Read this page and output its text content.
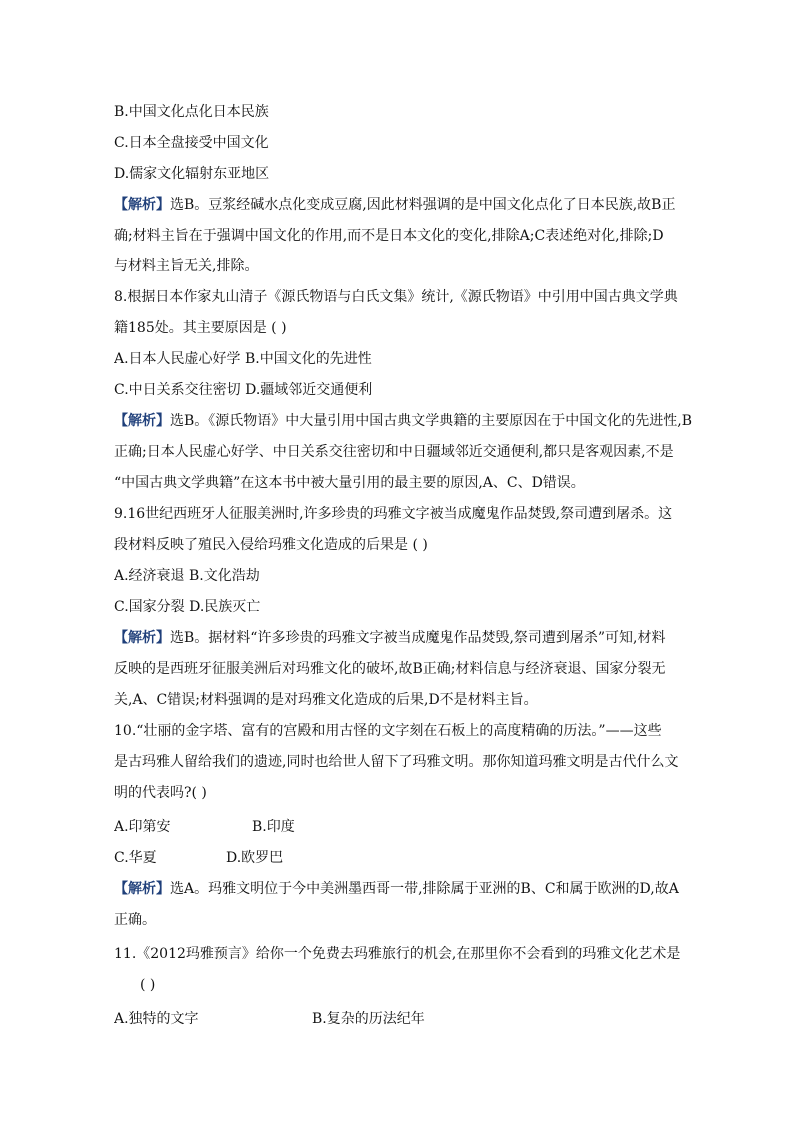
B.中国文化点化日本民族
C.日本全盘接受中国文化
D.儒家文化辐射东亚地区
【解析】选B。豆浆经碱水点化变成豆腐,因此材料强调的是中国文化点化了日本民族,故B正
确;材料主旨在于强调中国文化的作用,而不是日本文化的变化,排除A;C表述绝对化,排除;D
与材料主旨无关,排除。
8.根据日本作家丸山清子《源氏物语与白氏文集》统计,《源氏物语》中引用中国古典文学典
籍185处。其主要原因是 ( )
A.日本人民虚心好学 B.中国文化的先进性
C.中日关系交往密切 D.疆域邻近交通便利
【解析】选B。《源氏物语》中大量引用中国古典文学典籍的主要原因在于中国文化的先进性,B
正确;日本人民虚心好学、中日关系交往密切和中日疆域邻近交通便利,都只是客观因素,不是
“中国古典文学典籍”在这本书中被大量引用的最主要的原因,A、C、D错误。
9.16世纪西班牙人征服美洲时,许多珍贵的玛雅文字被当成魔鬼作品焚毁,祭司遭到屠杀。这
段材料反映了殖民入侵给玛雅文化造成的后果是 ( )
A.经济衰退 B.文化浩劫
C.国家分裂 D.民族灭亡
【解析】选B。据材料“许多珍贵的玛雅文字被当成魔鬼作品焚毁,祭司遭到屠杀”可知,材料
反映的是西班牙征服美洲后对玛雅文化的破坏,故B正确;材料信息与经济衰退、国家分裂无
关,A、C错误;材料强调的是对玛雅文化造成的后果,D不是材料主旨。
10.“壮丽的金字塔、富有的宫殿和用古怪的文字刻在石板上的高度精确的历法。”——这些
是古玛雅人留给我们的遗迹,同时也给世人留下了玛雅文明。那你知道玛雅文明是古代什么文
明的代表吗?( )
A.印第安	B.印度
C.华夏	D.欧罗巴
【解析】选A。玛雅文明位于今中美洲墨西哥一带,排除属于亚洲的B、C和属于欧洲的D,故A
正确。
11.《2012玛雅预言》给你一个免费去玛雅旅行的机会,在那里你不会看到的玛雅文化艺术是
( )
A.独特的文字	B.复杂的历法纪年
